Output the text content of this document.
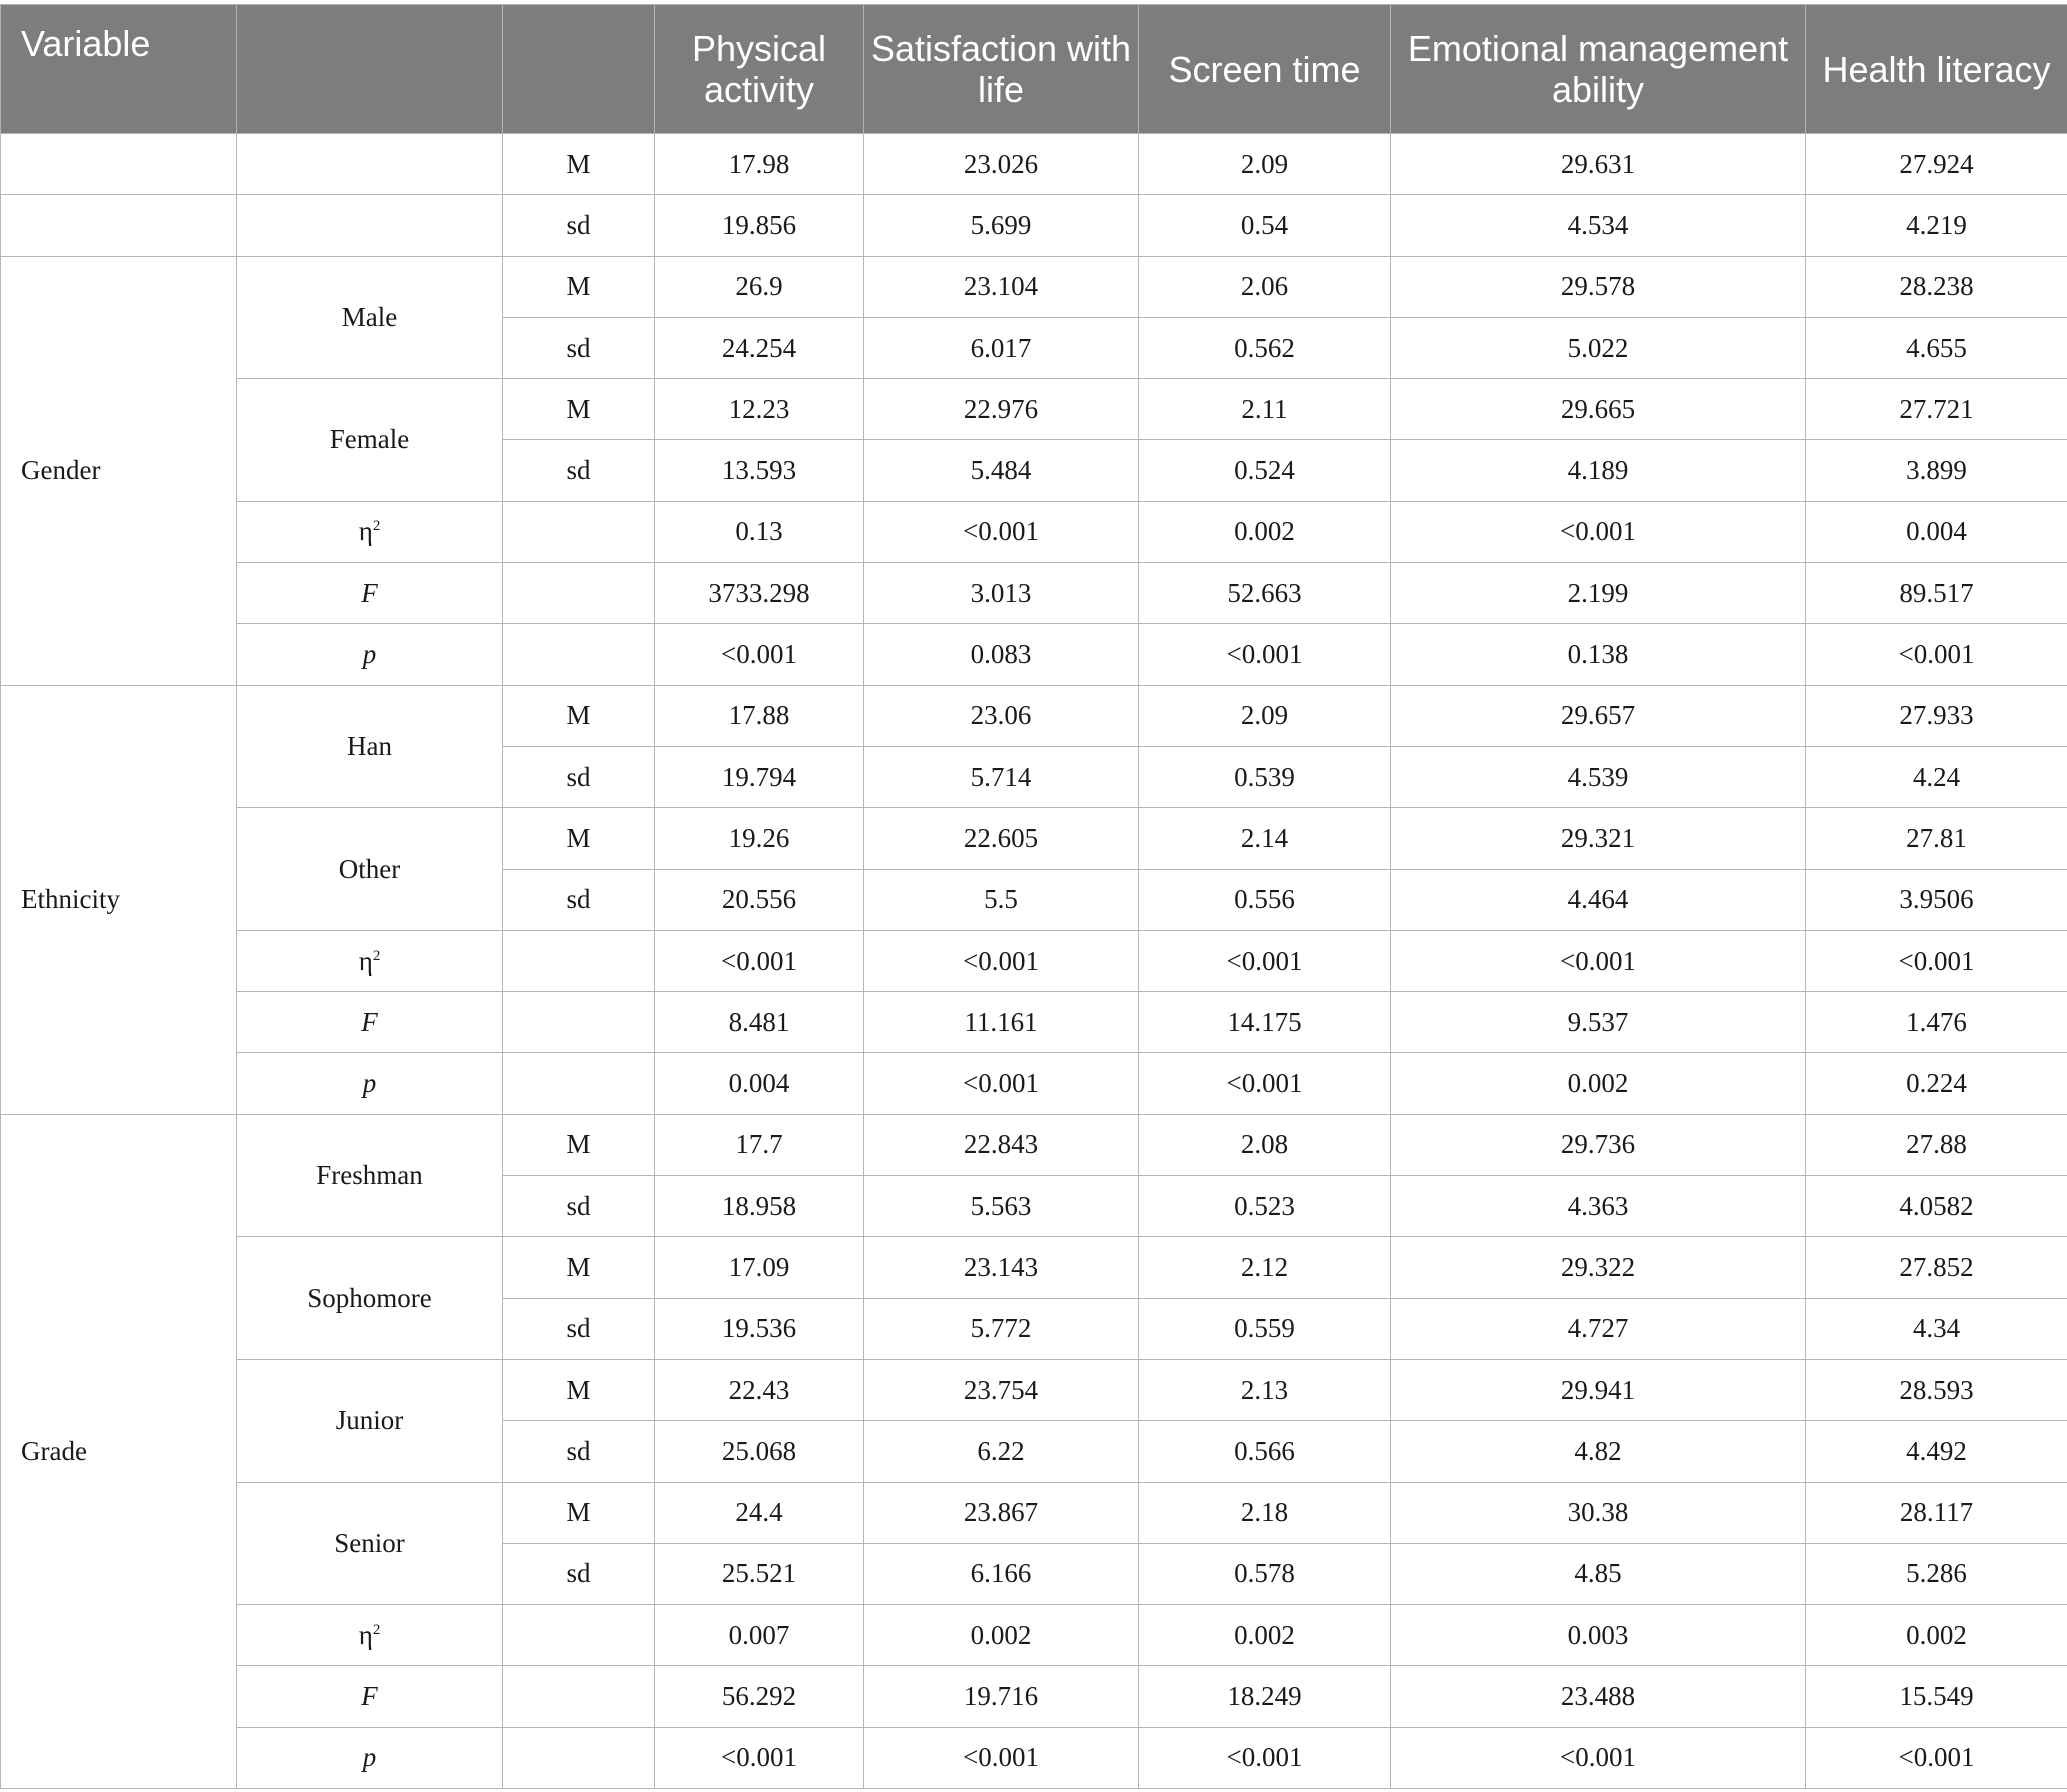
Variable			Physical activity	Satisfaction with life	Screen time	Emotional management ability	Health literacy
		M	17.98	23.026	2.09	29.631	27.924
		sd	19.856	5.699	0.54	4.534	4.219
Gender	Male	M	26.9	23.104	2.06	29.578	28.238
		sd	24.254	6.017	0.562	5.022	4.655
	Female	M	12.23	22.976	2.11	29.665	27.721
		sd	13.593	5.484	0.524	4.189	3.899
	$\eta^2$		0.13	<0.001	0.002	<0.001	0.004
	F		3733.298	3.013	52.663	2.199	89.517
	p		<0.001	0.083	<0.001	0.138	<0.001
Ethnicity	Han	M	17.88	23.06	2.09	29.657	27.933
		sd	19.794	5.714	0.539	4.539	4.24
	Other	M	19.26	22.605	2.14	29.321	27.81
		sd	20.556	5.5	0.556	4.464	3.9506
	$\eta^2$		<0.001	<0.001	<0.001	<0.001	<0.001
	F		8.481	11.161	14.175	9.537	1.476
	p		0.004	<0.001	<0.001	0.002	0.224
Grade	Freshman	M	17.7	22.843	2.08	29.736	27.88
		sd	18.958	5.563	0.523	4.363	4.0582
	Sophomore	M	17.09	23.143	2.12	29.322	27.852
		sd	19.536	5.772	0.559	4.727	4.34
	Junior	M	22.43	23.754	2.13	29.941	28.593
		sd	25.068	6.22	0.566	4.82	4.492
	Senior	M	24.4	23.867	2.18	30.38	28.117
		sd	25.521	6.166	0.578	4.85	5.286
	$\eta^2$		0.007	0.002	0.002	0.003	0.002
	F		56.292	19.716	18.249	23.488	15.549
	p		<0.001	<0.001	<0.001	<0.001	<0.001
